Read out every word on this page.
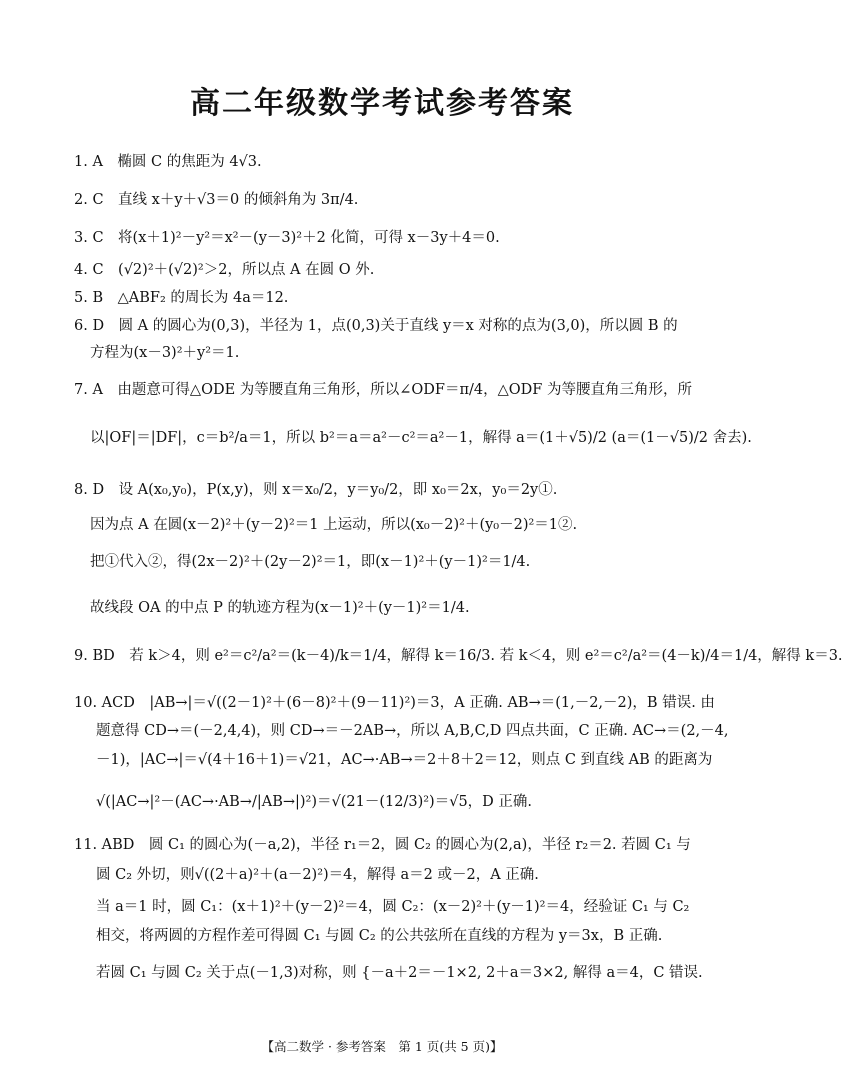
高二年级数学考试参考答案
1. A　椭圆 C 的焦距为 4√3.
2. C　直线 x＋y＋√3＝0 的倾斜角为 3π/4.
3. C　将(x＋1)²－y²＝x²－(y－3)²＋2 化简，可得 x－3y＋4＝0.
4. C　(√2)²＋(√2)²＞2，所以点 A 在圆 O 外.
5. B　△ABF₂ 的周长为 4a＝12.
6. D　圆 A 的圆心为(0,3)，半径为 1，点(0,3)关于直线 y＝x 对称的点为(3,0)，所以圆 B 的
方程为(x－3)²＋y²＝1.
7. A　由题意可得△ODE 为等腰直角三角形，所以∠ODF＝π/4，△ODF 为等腰直角三角形，所
以|OF|＝|DF|，c＝b²/a＝1，所以 b²＝a＝a²－c²＝a²－1，解得 a＝(1＋√5)/2 (a＝(1－√5)/2 舍去).
8. D　设 A(x₀,y₀)，P(x,y)，则 x＝x₀/2，y＝y₀/2，即 x₀＝2x，y₀＝2y①.
因为点 A 在圆(x－2)²＋(y－2)²＝1 上运动，所以(x₀－2)²＋(y₀－2)²＝1②.
把①代入②，得(2x－2)²＋(2y－2)²＝1，即(x－1)²＋(y－1)²＝1/4.
故线段 OA 的中点 P 的轨迹方程为(x－1)²＋(y－1)²＝1/4.
9. BD　若 k＞4，则 e²＝c²/a²＝(k－4)/k＝1/4，解得 k＝16/3. 若 k＜4，则 e²＝c²/a²＝(4－k)/4＝1/4，解得 k＝3.
10. ACD　|AB→|＝√((2－1)²＋(6－8)²＋(9－11)²)＝3，A 正确. AB→＝(1,－2,－2)，B 错误. 由
题意得 CD→＝(－2,4,4)，则 CD→＝－2AB→，所以 A,B,C,D 四点共面，C 正确. AC→＝(2,－4,
－1)，|AC→|＝√(4＋16＋1)＝√21，AC→·AB→＝2＋8＋2＝12，则点 C 到直线 AB 的距离为
√(|AC→|²－(AC→·AB→/|AB→|)²)＝√(21－(12/3)²)＝√5，D 正确.
11. ABD　圆 C₁ 的圆心为(－a,2)，半径 r₁＝2，圆 C₂ 的圆心为(2,a)，半径 r₂＝2. 若圆 C₁ 与
圆 C₂ 外切，则√((2＋a)²＋(a－2)²)＝4，解得 a＝2 或－2，A 正确.
当 a＝1 时，圆 C₁：(x＋1)²＋(y－2)²＝4，圆 C₂：(x－2)²＋(y－1)²＝4，经验证 C₁ 与 C₂
相交，将两圆的方程作差可得圆 C₁ 与圆 C₂ 的公共弦所在直线的方程为 y＝3x，B 正确.
若圆 C₁ 与圆 C₂ 关于点(－1,3)对称，则 {－a＋2＝－1×2, 2＋a＝3×2, 解得 a＝4，C 错误.
【高二数学 · 参考答案　第 1 页(共 5 页)】
